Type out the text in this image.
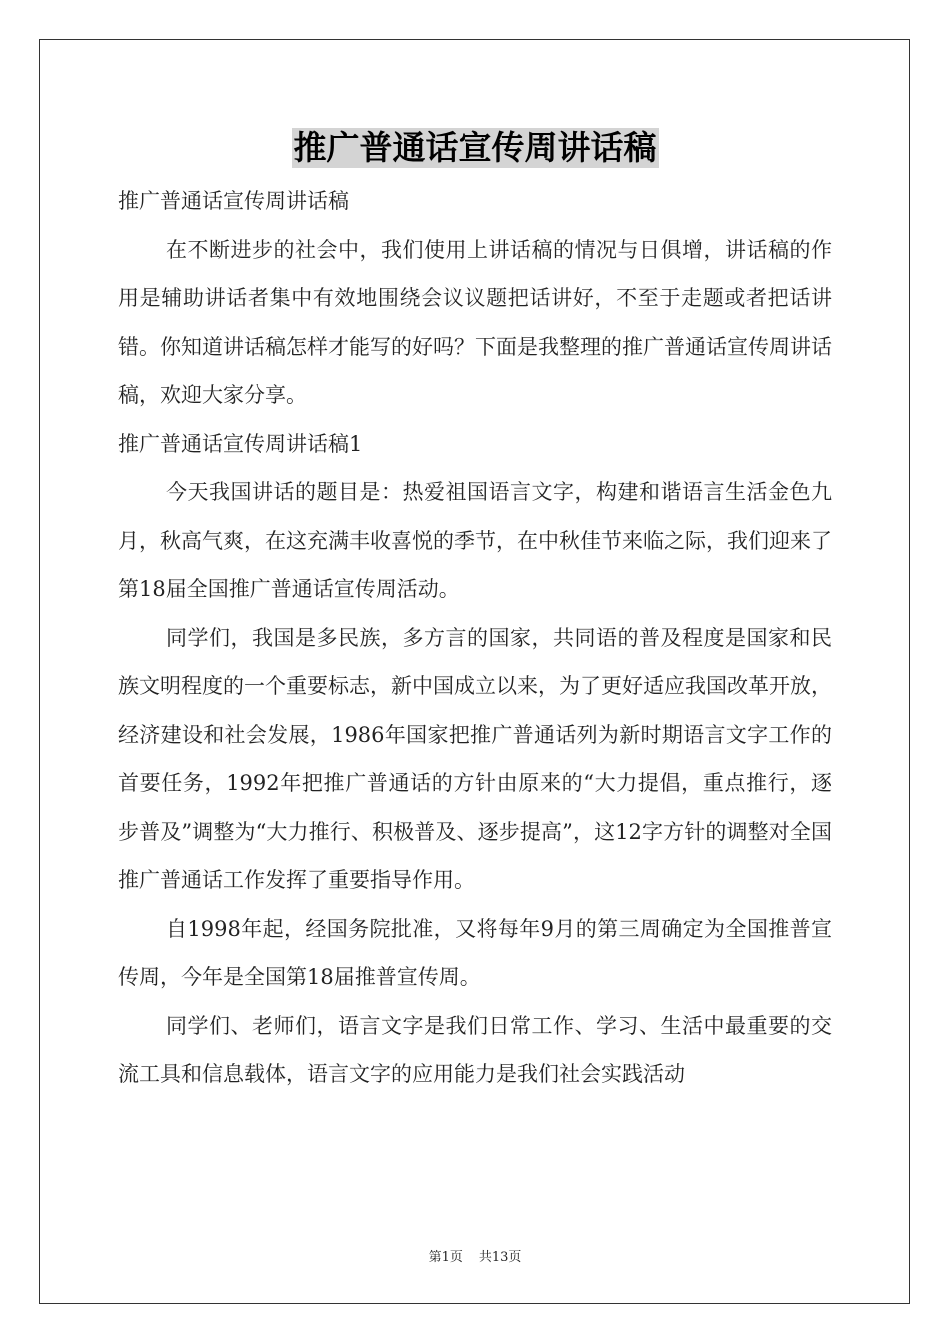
推广普通话宣传周讲话稿

推广普通话宣传周讲话稿

在不断进步的社会中，我们使用上讲话稿的情况与日俱增，讲话稿的作用是辅助讲话者集中有效地围绕会议议题把话讲好，不至于走题或者把话讲错。你知道讲话稿怎样才能写的好吗？下面是我整理的推广普通话宣传周讲话稿，欢迎大家分享。

推广普通话宣传周讲话稿1

今天我国讲话的题目是：热爱祖国语言文字，构建和谐语言生活金色九月，秋高气爽，在这充满丰收喜悦的季节，在中秋佳节来临之际，我们迎来了第18届全国推广普通话宣传周活动。

同学们，我国是多民族，多方言的国家，共同语的普及程度是国家和民族文明程度的一个重要标志，新中国成立以来，为了更好适应我国改革开放，经济建设和社会发展，1986年国家把推广普通话列为新时期语言文字工作的首要任务，1992年把推广普通话的方针由原来的“大力提倡，重点推行，逐步普及”调整为“大力推行、积极普及、逐步提高”，这12字方针的调整对全国推广普通话工作发挥了重要指导作用。

自1998年起，经国务院批准，又将每年9月的第三周确定为全国推普宣传周，今年是全国第18届推普宣传周。

同学们、老师们，语言文字是我们日常工作、学习、生活中最重要的交流工具和信息载体，语言文字的应用能力是我们社会实践活动

第1页 共13页
